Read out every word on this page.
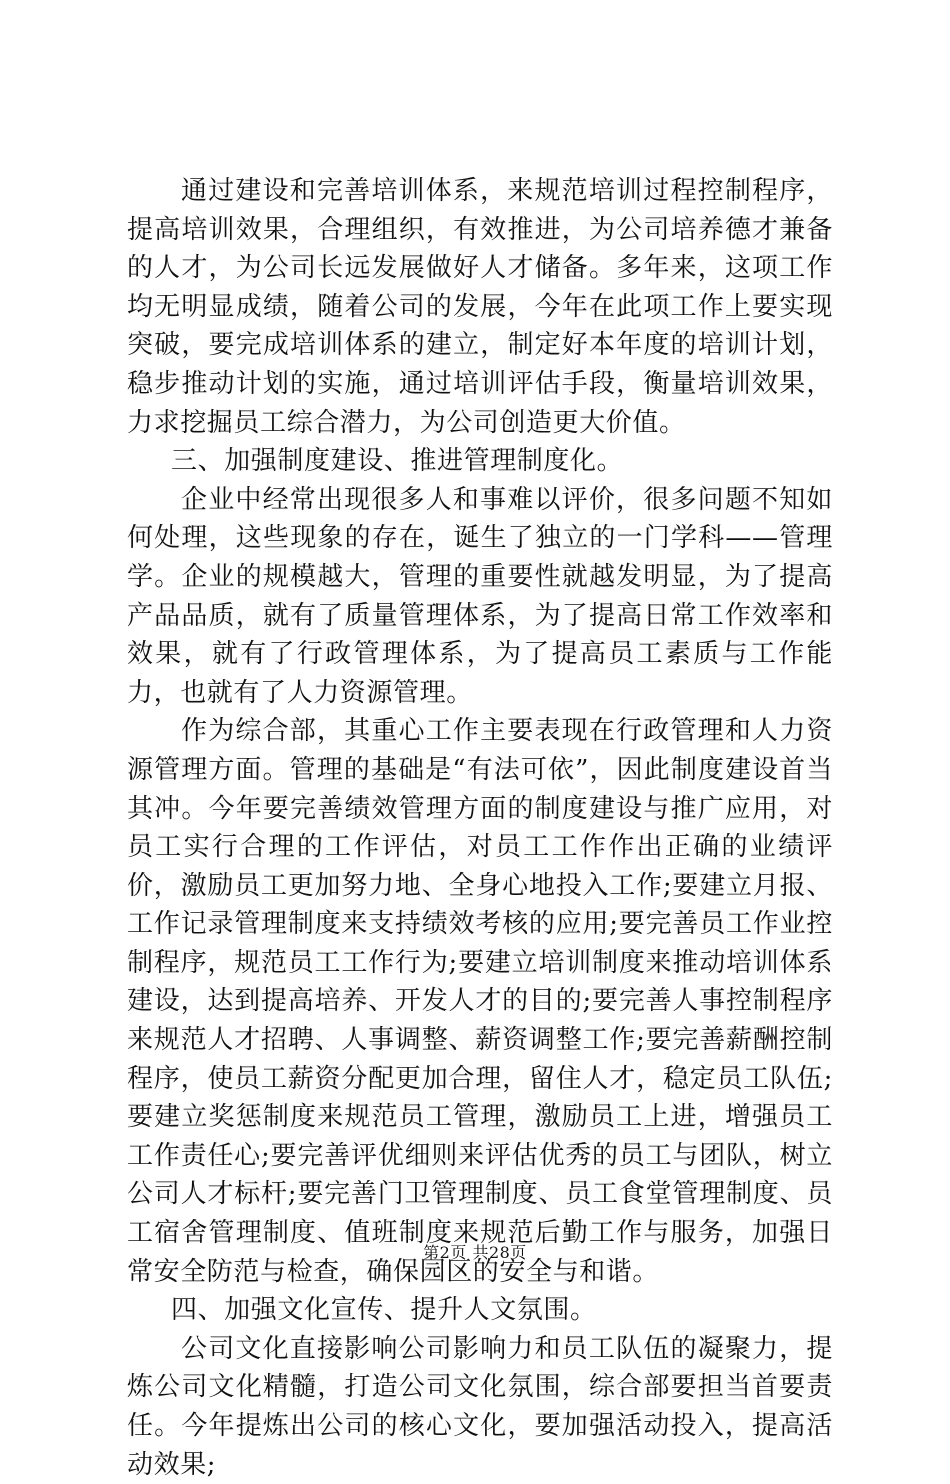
通过建设和完善培训体系，来规范培训过程控制程序，提高培训效果，合理组织，有效推进，为公司培养德才兼备的人才，为公司长远发展做好人才储备。多年来，这项工作均无明显成绩，随着公司的发展，今年在此项工作上要实现突破，要完成培训体系的建立，制定好本年度的培训计划，稳步推动计划的实施，通过培训评估手段，衡量培训效果，力求挖掘员工综合潜力，为公司创造更大价值。

三、加强制度建设、推进管理制度化。

企业中经常出现很多人和事难以评价，很多问题不知如何处理，这些现象的存在，诞生了独立的一门学科——管理学。企业的规模越大，管理的重要性就越发明显，为了提高产品品质，就有了质量管理体系，为了提高日常工作效率和效果，就有了行政管理体系，为了提高员工素质与工作能力，也就有了人力资源管理。

作为综合部，其重心工作主要表现在行政管理和人力资源管理方面。管理的基础是“有法可依”，因此制度建设首当其冲。今年要完善绩效管理方面的制度建设与推广应用，对员工实行合理的工作评估，对员工工作作出正确的业绩评价，激励员工更加努力地、全身心地投入工作;要建立月报、工作记录管理制度来支持绩效考核的应用;要完善员工作业控制程序，规范员工工作行为;要建立培训制度来推动培训体系建设，达到提高培养、开发人才的目的;要完善人事控制程序来规范人才招聘、人事调整、薪资调整工作;要完善薪酬控制程序，使员工薪资分配更加合理，留住人才，稳定员工队伍;要建立奖惩制度来规范员工管理，激励员工上进，增强员工工作责任心;要完善评优细则来评估优秀的员工与团队，树立公司人才标杆;要完善门卫管理制度、员工食堂管理制度、员工宿舍管理制度、值班制度来规范后勤工作与服务，加强日常安全防范与检查，确保园区的安全与和谐。

四、加强文化宣传、提升人文氛围。

公司文化直接影响公司影响力和员工队伍的凝聚力，提炼公司文化精髓，打造公司文化氛围，综合部要担当首要责任。今年提炼出公司的核心文化，要加强活动投入，提高活动效果;

第2页 共28页
